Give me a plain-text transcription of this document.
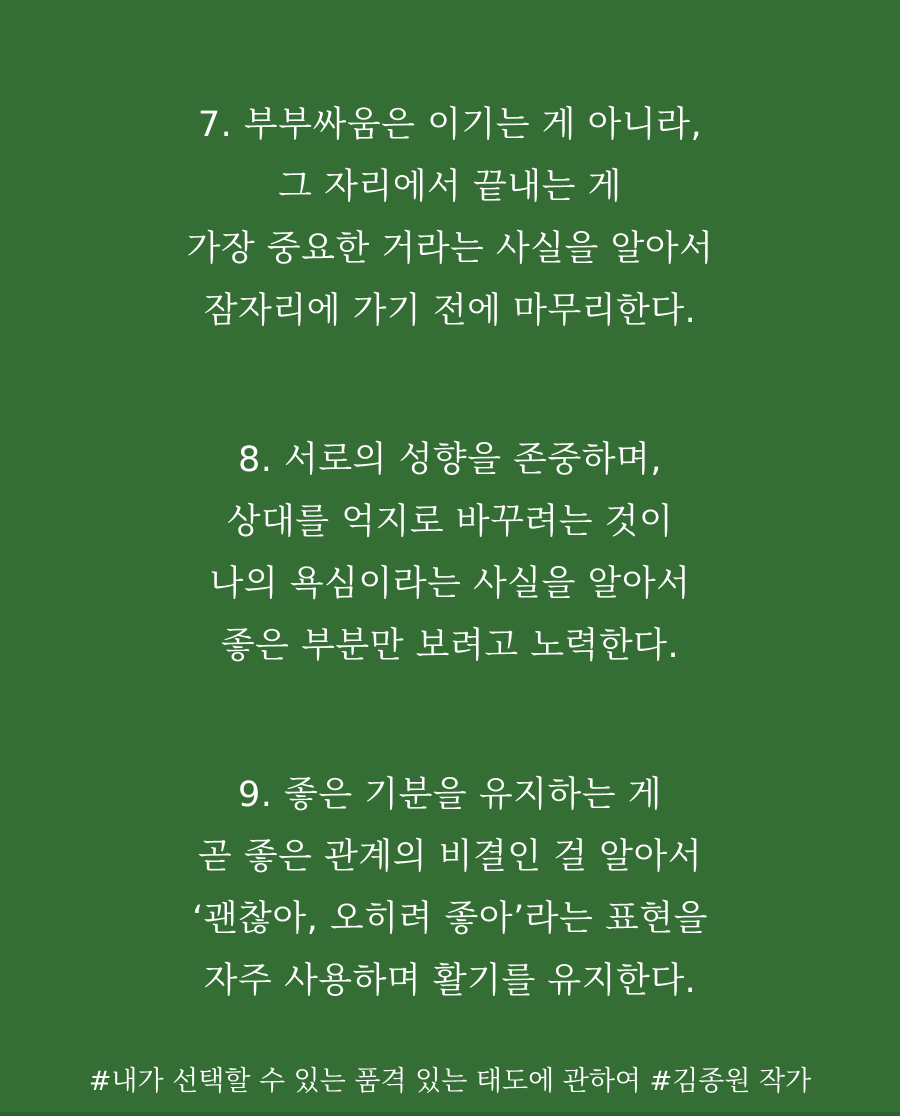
7. 부부싸움은 이기는 게 아니라,
그 자리에서 끝내는 게
가장 중요한 거라는 사실을 알아서
잠자리에 가기 전에 마무리한다.
8. 서로의 성향을 존중하며,
상대를 억지로 바꾸려는 것이
나의 욕심이라는 사실을 알아서
좋은 부분만 보려고 노력한다.
9. 좋은 기분을 유지하는 게
곧 좋은 관계의 비결인 걸 알아서
‘괜찮아, 오히려 좋아’라는 표현을
자주 사용하며 활기를 유지한다.
#내가 선택할 수 있는 품격 있는 태도에 관하여 #김종원 작가
